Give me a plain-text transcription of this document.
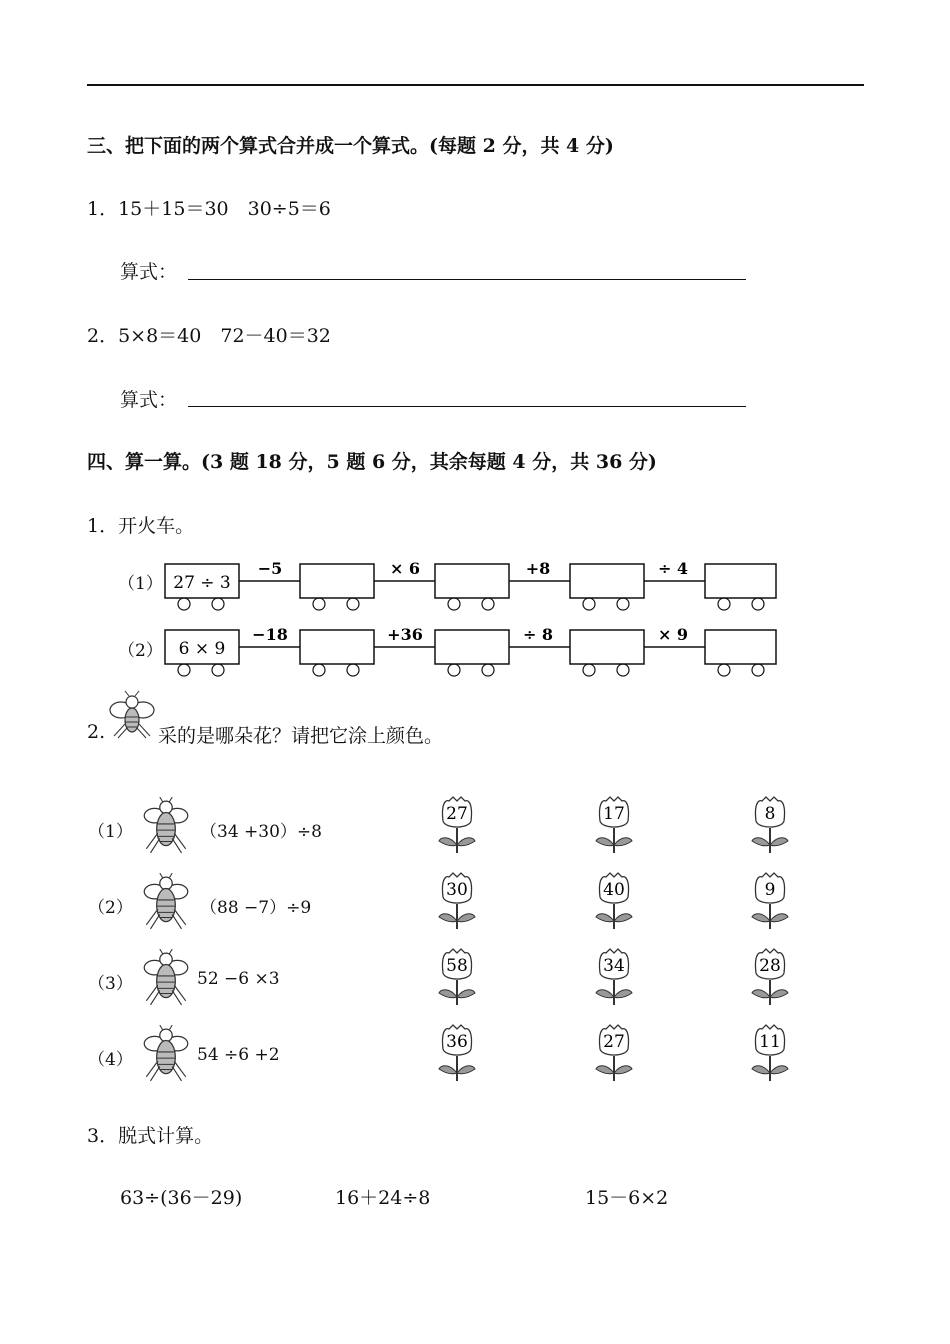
三、把下面的两个算式合并成一个算式。(每题 2 分，共 4 分)
1．15＋15＝30　30÷5＝6
算式：
2．5×8＝40　72－40＝32
算式：
四、算一算。(3 题 18 分，5 题 6 分，其余每题 4 分，共 36 分)
1．开火车。
（1） 27 ÷ 3
−5	× 6	+8	÷ 4
（2） 6 × 9
−18	+36	÷ 8	× 9
2.	采的是哪朵花？请把它涂上颜色。
（1）	（34 +30）÷8
27	17	8
（2）	（88 −7）÷9
30	40	9
（3）	52 −6 ×3
58	34	28
（4）	54 ÷6 +2
36	27	11
3．脱式计算。
63÷(36－29)	16＋24÷8	15－6×2
